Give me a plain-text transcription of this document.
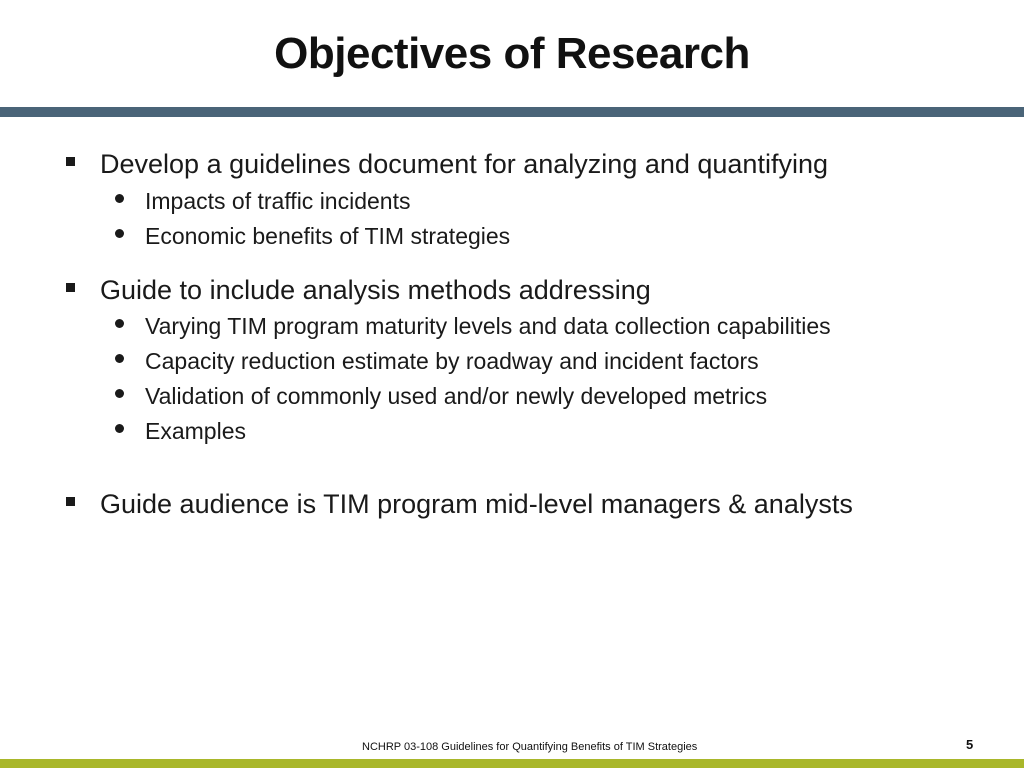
Objectives of Research
Develop a guidelines document for analyzing and quantifying
Impacts of traffic incidents
Economic benefits of TIM strategies
Guide to include analysis methods addressing
Varying TIM program maturity levels and data collection capabilities
Capacity reduction estimate by roadway and incident factors
Validation of commonly used and/or newly developed metrics
Examples
Guide audience is TIM program mid-level managers & analysts
NCHRP 03-108 Guidelines for Quantifying Benefits of TIM Strategies	5
